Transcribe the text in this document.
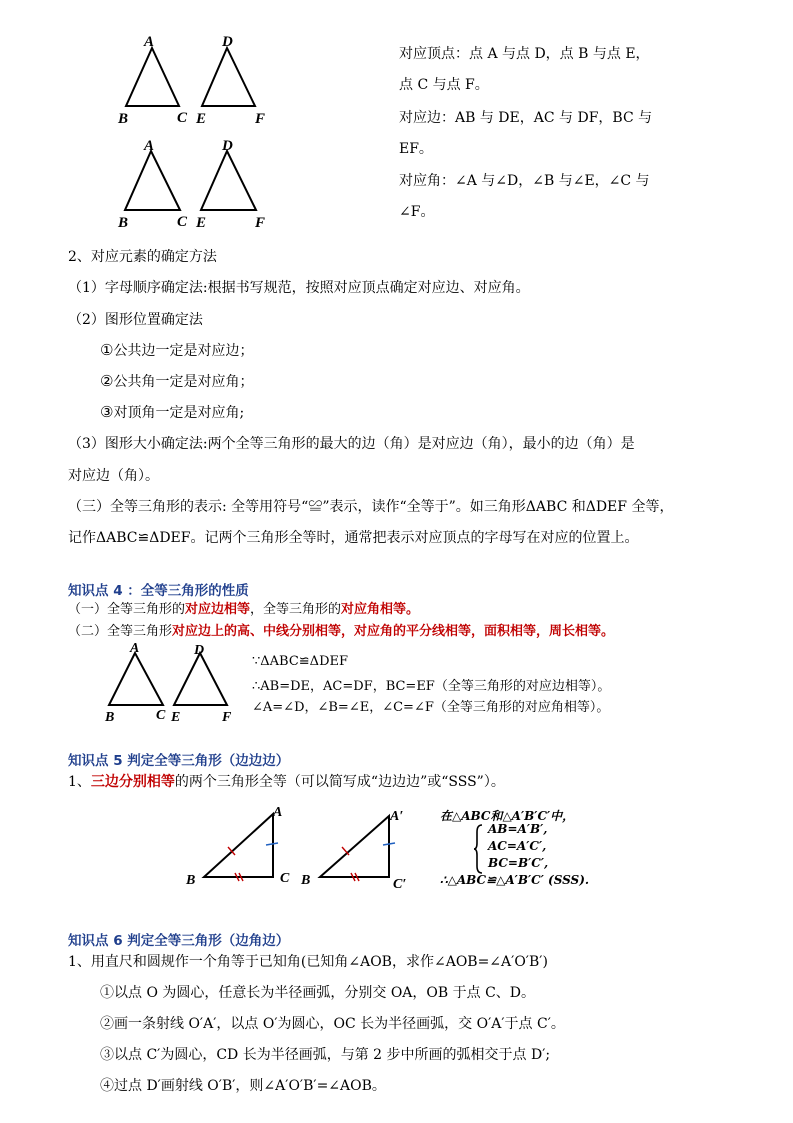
A	D
B	C E	F
A	D
B	C E	F
对应顶点：点 A 与点 D，点 B 与点 E，
点 C 与点 F。
对应边：AB 与 DE，AC 与 DF，BC 与
EF。
对应角：∠A 与∠D，∠B 与∠E，∠C 与
∠F。
2、对应元素的确定方法
（1）字母顺序确定法:根据书写规范，按照对应顶点确定对应边、对应角。
（2）图形位置确定法
①公共边一定是对应边；
②公共角一定是对应角；
③对顶角一定是对应角;
（3）图形大小确定法:两个全等三角形的最大的边（角）是对应边（角），最小的边（角）是
对应边（角）。
（三）全等三角形的表示: 全等用符号“≌”表示，读作“全等于”。如三角形ΔABC 和ΔDEF 全等，
记作ΔABC≌ΔDEF。记两个三角形全等时，通常把表示对应顶点的字母写在对应的位置上。
知识点 4 ：全等三角形的性质
（一）全等三角形的对应边相等，全等三角形的对应角相等。
（二）全等三角形对应边上的高、中线分别相等，对应角的平分线相等，面积相等，周长相等。
A	D
B	C E	F
∵ΔABC≌ΔDEF
∴AB=DE，AC=DF，BC=EF（全等三角形的对应边相等）。
∠A=∠D，∠B=∠E，∠C=∠F（全等三角形的对应角相等）。
知识点 5 判定全等三角形（边边边）
1、三边分别相等的两个三角形全等（可以简写成“边边边”或“SSS”）。
A
B	C
A′
B	C′
在△ABC和△A′B′C′中，
AB=A′B′,
AC=A′C′,
BC=B′C′,
∴△ABC≌△A′B′C′ (SSS).
知识点 6 判定全等三角形（边角边）
1、用直尺和圆规作一个角等于已知角(已知角∠AOB，求作∠AOB=∠A′O′B′)
①以点 O 为圆心，任意长为半径画弧，分别交 OA，OB 于点 C、D。
②画一条射线 O′A′，以点 O′为圆心，OC 长为半径画弧，交 O′A′于点 C′。
③以点 C′为圆心，CD 长为半径画弧，与第 2 步中所画的弧相交于点 D′;
④过点 D′画射线 O′B′，则∠A′O′B′=∠AOB。
